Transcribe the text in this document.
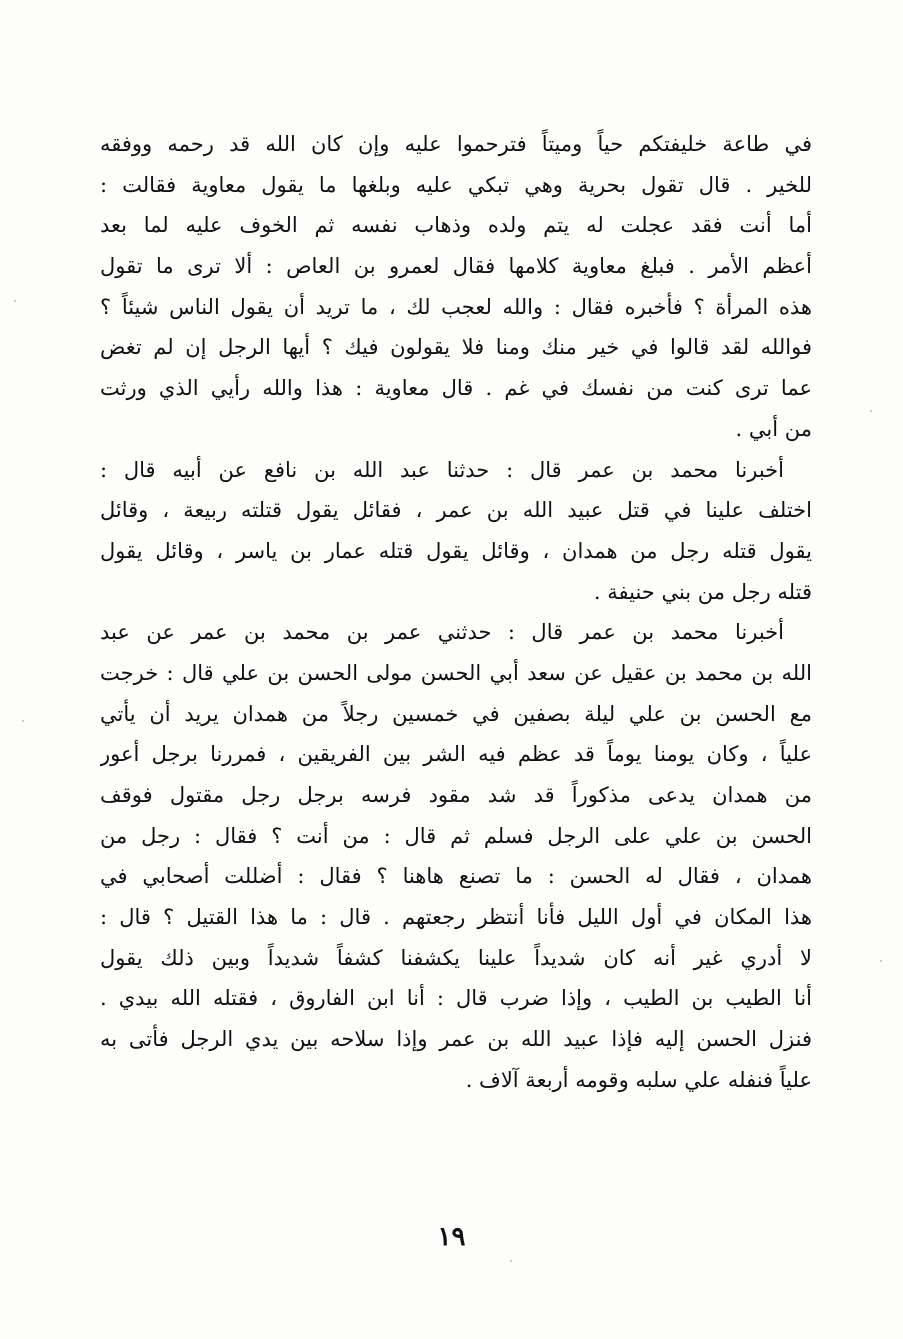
في طاعة خليفتكم حياً وميتاً فترحموا عليه وإن كان الله قد رحمه ووفقه
للخير . قال تقول بحرية وهي تبكي عليه وبلغها ما يقول معاوية فقالت :
أما أنت فقد عجلت له يتم ولده وذهاب نفسه ثم الخوف عليه لما بعد
أعظم الأمر . فبلغ معاوية كلامها فقال لعمرو بن العاص : ألا ترى ما تقول
هذه المرأة ؟ فأخبره فقال : والله لعجب لك ، ما تريد أن يقول الناس شيئاً ؟
فوالله لقد قالوا في خير منك ومنا فلا يقولون فيك ؟ أيها الرجل إن لم تغض
عما ترى كنت من نفسك في غم . قال معاوية : هذا والله رأيي الذي ورثت
من أبي .
أخبرنا محمد بن عمر قال : حدثنا عبد الله بن نافع عن أبيه قال :
اختلف علينا في قتل عبيد الله بن عمر ، فقائل يقول قتلته ربيعة ، وقائل
يقول قتله رجل من همدان ، وقائل يقول قتله عمار بن ياسر ، وقائل يقول
قتله رجل من بني حنيفة .
أخبرنا محمد بن عمر قال : حدثني عمر بن محمد بن عمر عن عبد
الله بن محمد بن عقيل عن سعد أبي الحسن مولى الحسن بن علي قال : خرجت
مع الحسن بن علي ليلة بصفين في خمسين رجلاً من همدان يريد أن يأتي
علياً ، وكان يومنا يوماً قد عظم فيه الشر بين الفريقين ، فمررنا برجل أعور
من همدان يدعى مذكوراً قد شد مقود فرسه برجل رجل مقتول فوقف
الحسن بن علي على الرجل فسلم ثم قال : من أنت ؟ فقال : رجل من
همدان ، فقال له الحسن : ما تصنع هاهنا ؟ فقال : أضللت أصحابي في
هذا المكان في أول الليل فأنا أنتظر رجعتهم . قال : ما هذا القتيل ؟ قال :
لا أدري غير أنه كان شديداً علينا يكشفنا كشفاً شديداً وبين ذلك يقول
أنا الطيب بن الطيب ، وإذا ضرب قال : أنا ابن الفاروق ، فقتله الله بيدي .
فنزل الحسن إليه فإذا عبيد الله بن عمر وإذا سلاحه بين يدي الرجل فأتى به
علياً فنفله علي سلبه وقومه أربعة آلاف .
١٩
